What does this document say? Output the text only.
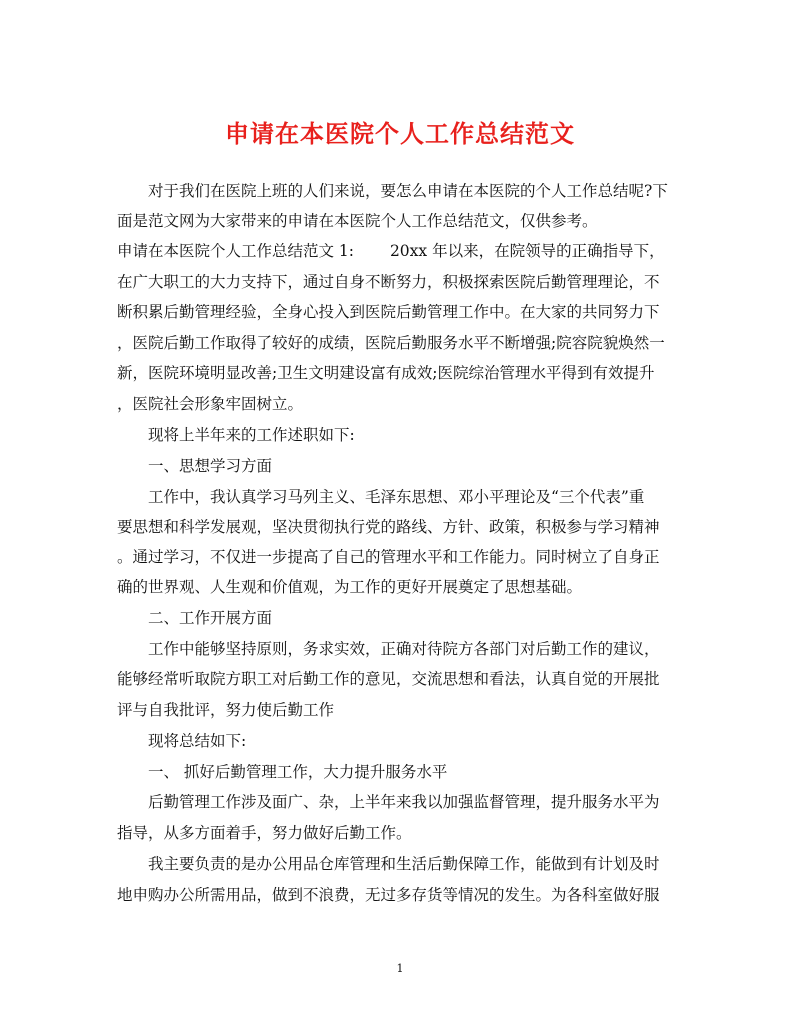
申请在本医院个人工作总结范文
对于我们在医院上班的人们来说，要怎么申请在本医院的个人工作总结呢?下
面是范文网为大家带来的申请在本医院个人工作总结范文，仅供参考。
申请在本医院个人工作总结范文 1:　　 20xx 年以来，在院领导的正确指导下，
在广大职工的大力支持下，通过自身不断努力，积极探索医院后勤管理理论，不
断积累后勤管理经验，全身心投入到医院后勤管理工作中。在大家的共同努力下
，医院后勤工作取得了较好的成绩，医院后勤服务水平不断增强;院容院貌焕然一
新，医院环境明显改善;卫生文明建设富有成效;医院综治管理水平得到有效提升
，医院社会形象牢固树立。
现将上半年来的工作述职如下:
一、思想学习方面
工作中，我认真学习马列主义、毛泽东思想、邓小平理论及“三个代表”重
要思想和科学发展观，坚决贯彻执行党的路线、方针、政策，积极参与学习精神
。通过学习，不仅进一步提高了自己的管理水平和工作能力。同时树立了自身正
确的世界观、人生观和价值观，为工作的更好开展奠定了思想基础。
二、工作开展方面
工作中能够坚持原则，务求实效，正确对待院方各部门对后勤工作的建议，
能够经常听取院方职工对后勤工作的意见，交流思想和看法，认真自觉的开展批
评与自我批评，努力使后勤工作
现将总结如下:
一、 抓好后勤管理工作，大力提升服务水平
后勤管理工作涉及面广、杂，上半年来我以加强监督管理，提升服务水平为
指导，从多方面着手，努力做好后勤工作。
我主要负责的是办公用品仓库管理和生活后勤保障工作，能做到有计划及时
地申购办公所需用品，做到不浪费，无过多存货等情况的发生。为各科室做好服
1
